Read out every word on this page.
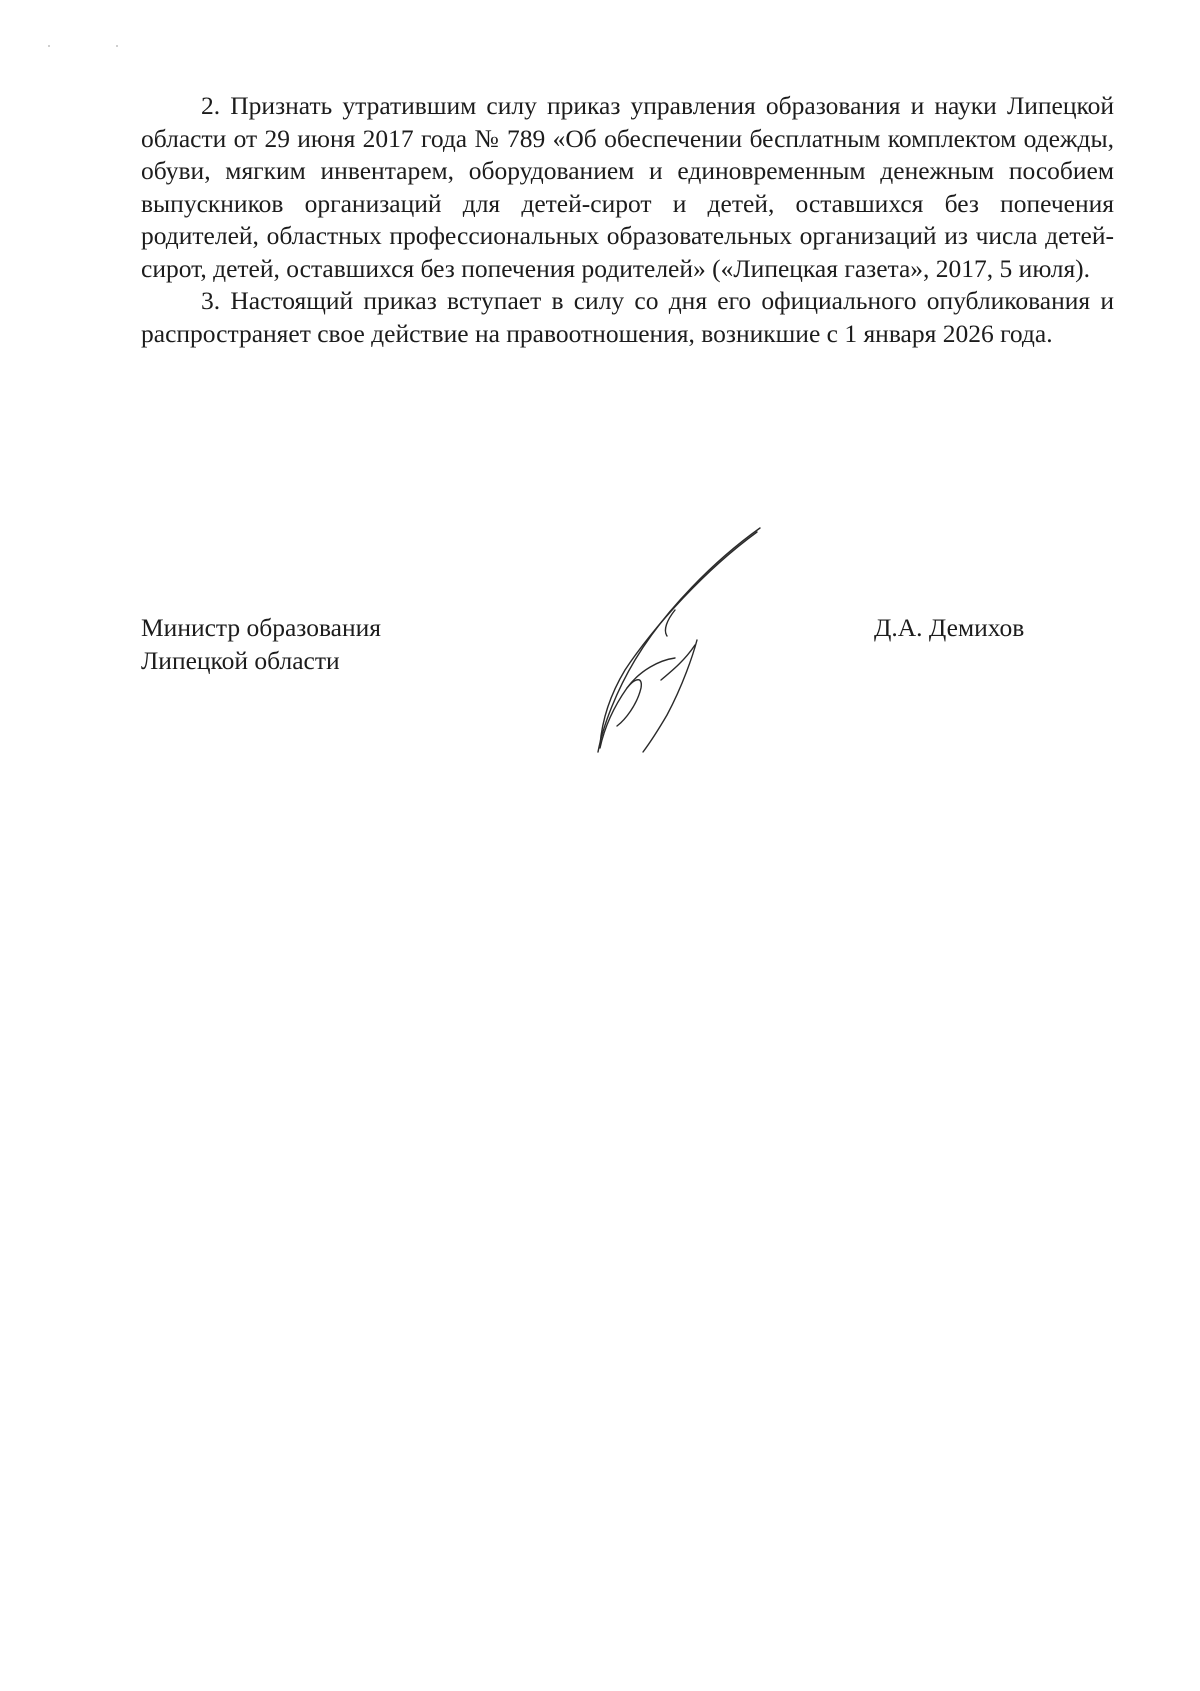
2. Признать утратившим силу приказ управления образования и науки Липецкой области от 29 июня 2017 года № 789 «Об обеспечении бесплатным комплектом одежды, обуви, мягким инвентарем, оборудованием и единовременным денежным пособием выпускников организаций для детей-сирот и детей, оставшихся без попечения родителей, областных профессиональных образовательных организаций из числа детей-сирот, детей, оставшихся без попечения родителей» («Липецкая газета», 2017, 5 июля).

3. Настоящий приказ вступает в силу со дня его официального опубликования и распространяет свое действие на правоотношения, возникшие с 1 января 2026 года.

Министр образования
Липецкой области
Д.А. Демихов
